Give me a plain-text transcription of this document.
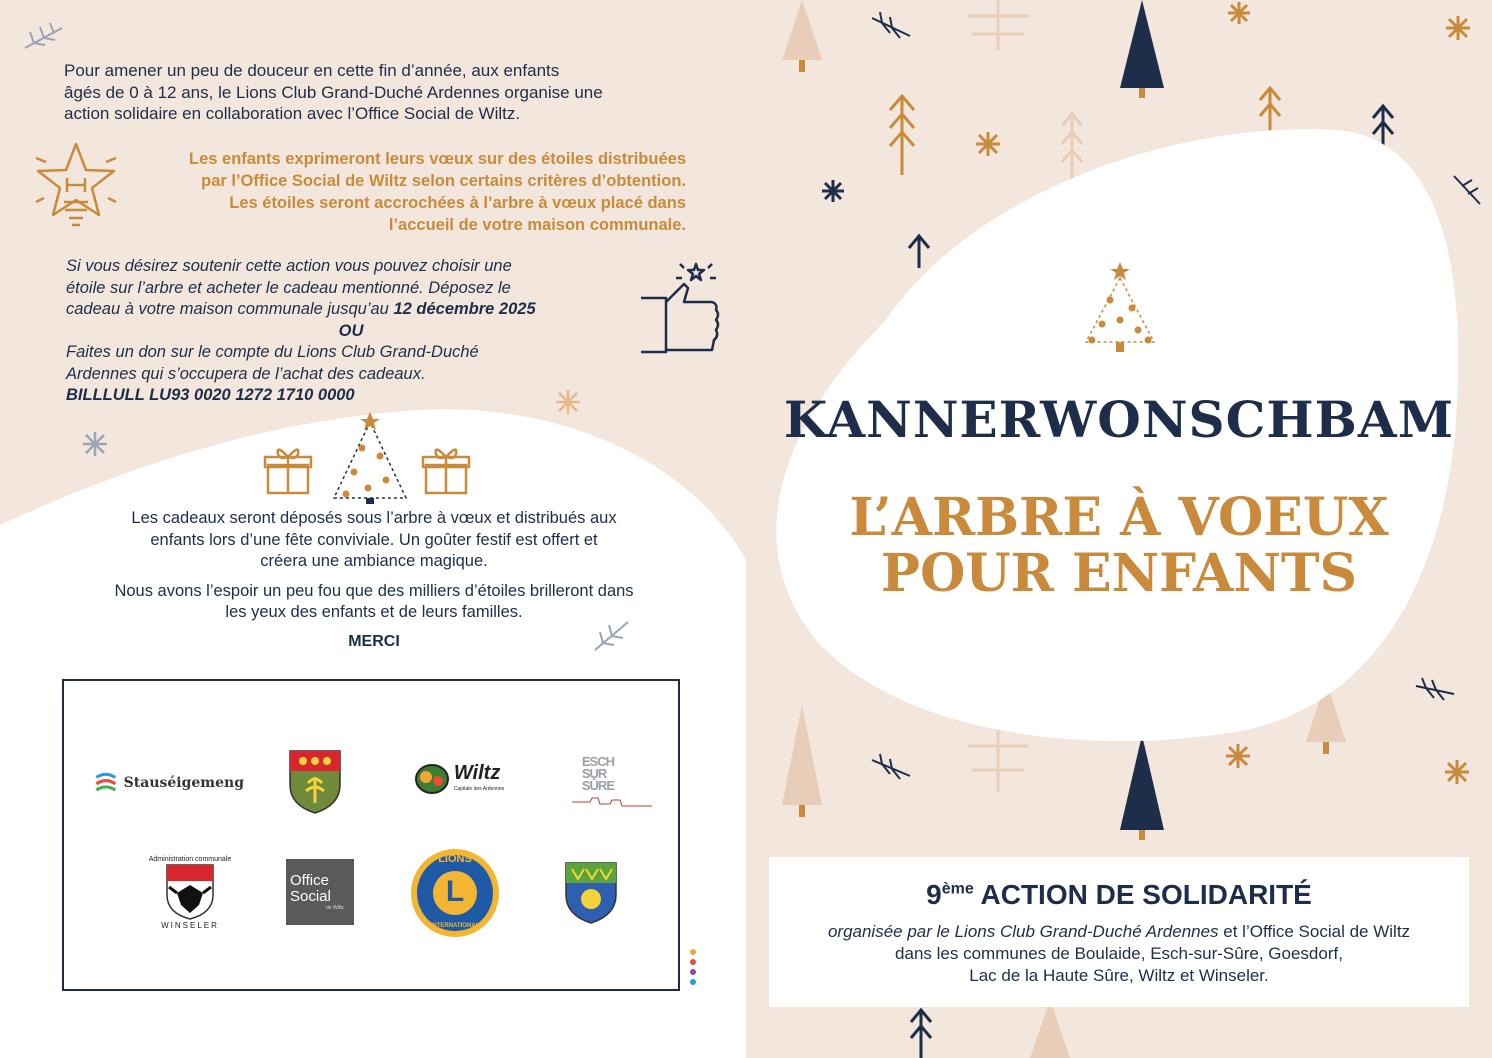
Pour amener un peu de douceur en cette fin d’année, aux enfants
âgés de 0 à 12 ans, le Lions Club Grand-Duché Ardennes organise une
action solidaire en collaboration avec l’Office Social de Wiltz.
Les enfants exprimeront leurs vœux sur des étoiles distribuées
par l’Office Social de Wiltz selon certains critères d’obtention.
Les étoiles seront accrochées à l’arbre à vœux placé dans
l’accueil de votre maison communale.
Si vous désirez soutenir cette action vous pouvez choisir une
étoile sur l’arbre et acheter le cadeau mentionné. Déposez le
cadeau à votre maison communale jusqu’au 12 décembre 2025
OU
Faites un don sur le compte du Lions Club Grand-Duché
Ardennes qui s’occupera de l’achat des cadeaux.
BILLLULL LU93 0020 1272 1710 0000

Les cadeaux seront déposés sous l’arbre à vœux et distribués aux
enfants lors d’une fête conviviale. Un goûter festif est offert et
créera une ambiance magique.

Nous avons l’espoir un peu fou que des milliers d’étoiles brilleront dans
les yeux des enfants et de leurs familles.

MERCI
Stauséigemeng	Wiltz
Capitale des Ardennes
ESCH
SUR
SÛRE
Administration communale
WINSELER
Office
Social
de Wiltz
LIONS
L
INTERNATIONAL
KANNERWONSCHBAM
L’ARBRE À VOEUX
POUR ENFANTS
9ème ACTION DE SOLIDARITÉ
organisée par le Lions Club Grand-Duché Ardennes et l’Office Social de Wiltz
dans les communes de Boulaide, Esch-sur-Sûre, Goesdorf,
Lac de la Haute Sûre, Wiltz et Winseler.
